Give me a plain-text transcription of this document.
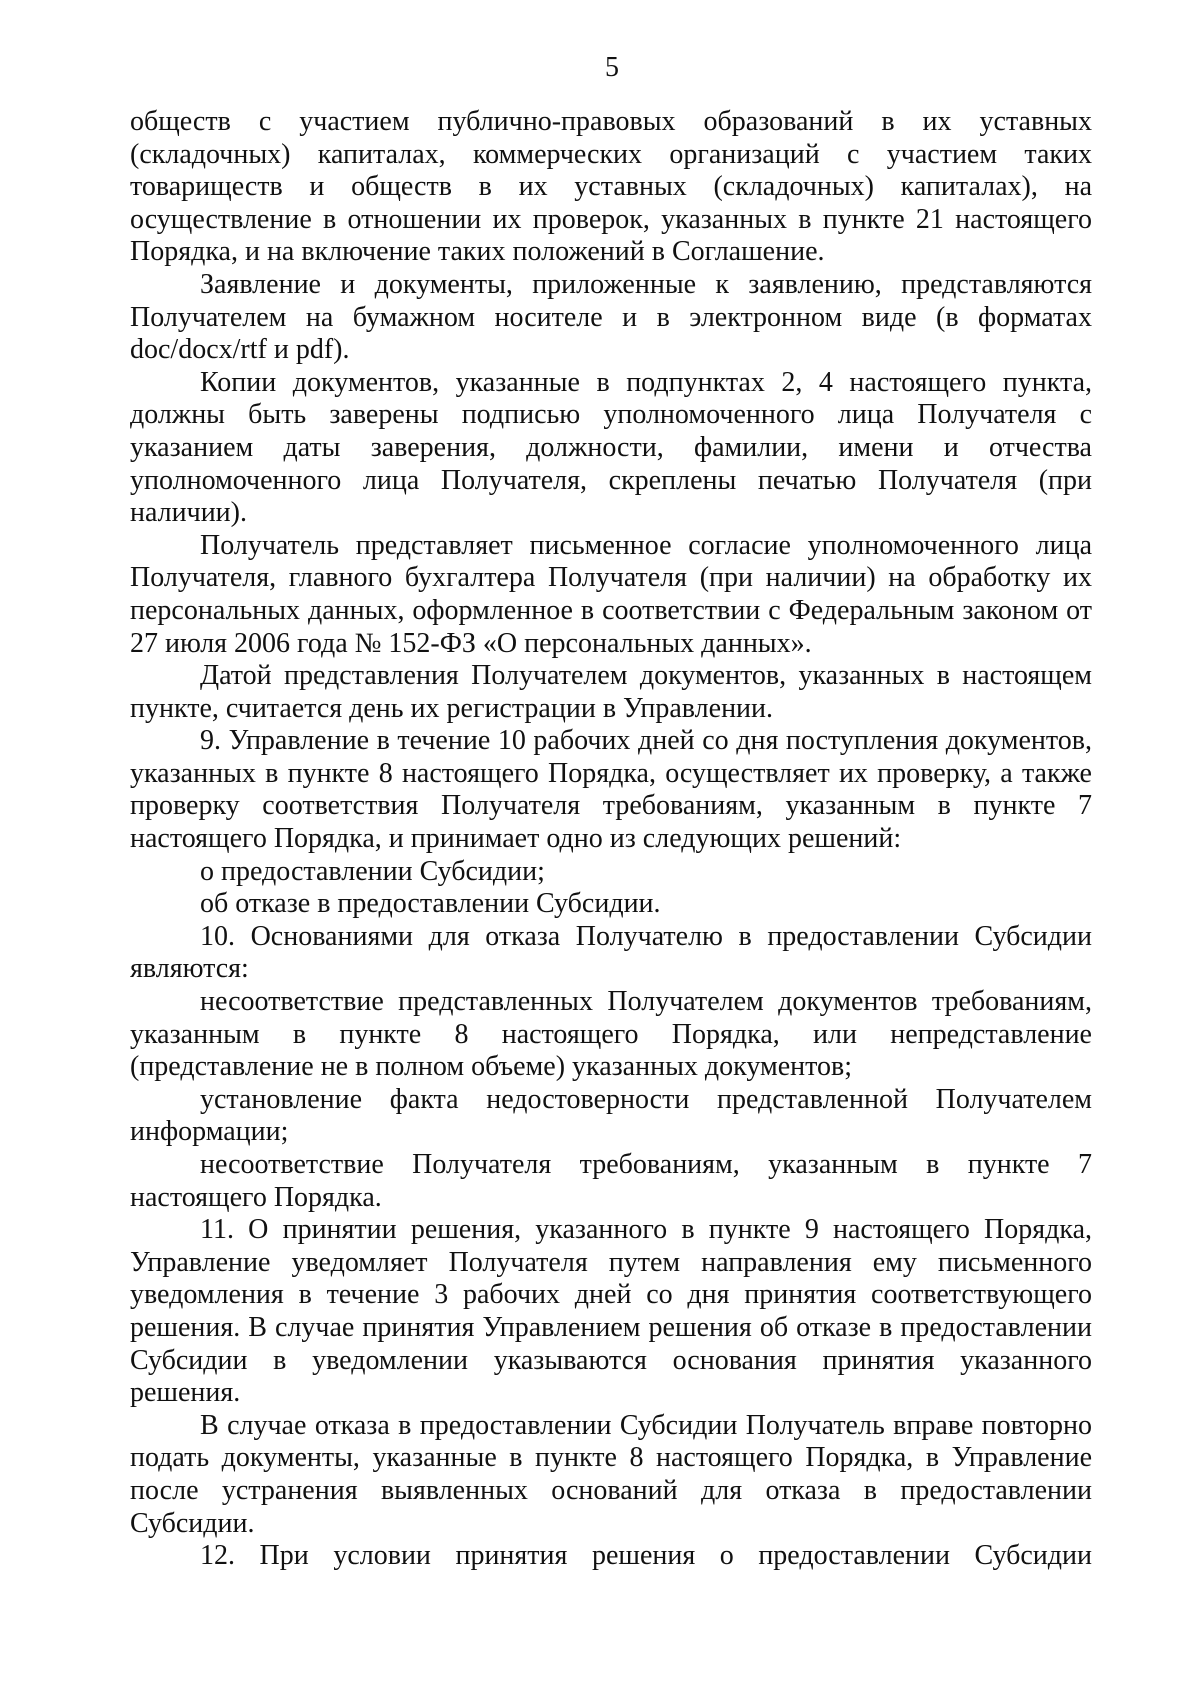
5

обществ с участием публично-правовых образований в их уставных (складочных) капиталах, коммерческих организаций с участием таких товариществ и обществ в их уставных (складочных) капиталах), на осуществление в отношении их проверок, указанных в пункте 21 настоящего Порядка, и на включение таких положений в Соглашение.

Заявление и документы, приложенные к заявлению, представляются Получателем на бумажном носителе и в электронном виде (в форматах doc/docx/rtf и pdf).

Копии документов, указанные в подпунктах 2, 4 настоящего пункта, должны быть заверены подписью уполномоченного лица Получателя с указанием даты заверения, должности, фамилии, имени и отчества уполномоченного лица Получателя, скреплены печатью Получателя (при наличии).

Получатель представляет письменное согласие уполномоченного лица Получателя, главного бухгалтера Получателя (при наличии) на обработку их персональных данных, оформленное в соответствии с Федеральным законом от 27 июля 2006 года № 152-ФЗ «О персональных данных».

Датой представления Получателем документов, указанных в настоящем пункте, считается день их регистрации в Управлении.

9. Управление в течение 10 рабочих дней со дня поступления документов, указанных в пункте 8 настоящего Порядка, осуществляет их проверку, а также проверку соответствия Получателя требованиям, указанным в пункте 7 настоящего Порядка, и принимает одно из следующих решений:

о предоставлении Субсидии;

об отказе в предоставлении Субсидии.

10. Основаниями для отказа Получателю в предоставлении Субсидии являются:

несоответствие представленных Получателем документов требованиям, указанным в пункте 8 настоящего Порядка, или непредставление (представление не в полном объеме) указанных документов;

установление факта недостоверности представленной Получателем информации;

несоответствие Получателя требованиям, указанным в пункте 7 настоящего Порядка.

11. О принятии решения, указанного в пункте 9 настоящего Порядка, Управление уведомляет Получателя путем направления ему письменного уведомления в течение 3 рабочих дней со дня принятия соответствующего решения. В случае принятия Управлением решения об отказе в предоставлении Субсидии в уведомлении указываются основания принятия указанного решения.

В случае отказа в предоставлении Субсидии Получатель вправе повторно подать документы, указанные в пункте 8 настоящего Порядка, в Управление после устранения выявленных оснований для отказа в предоставлении Субсидии.

12. При условии принятия решения о предоставлении Субсидии
